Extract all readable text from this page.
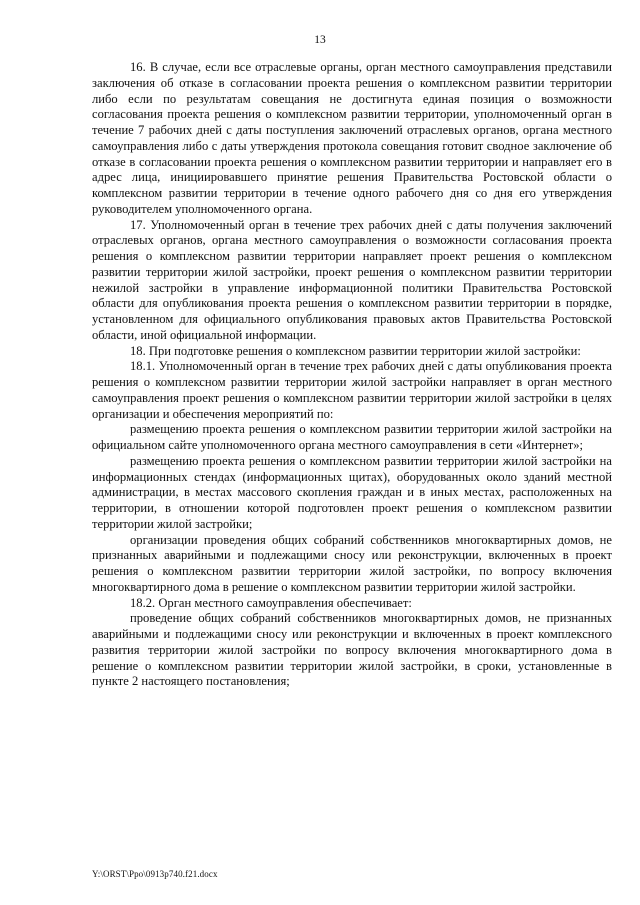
13

16. В случае, если все отраслевые органы, орган местного самоуправления представили заключения об отказе в согласовании проекта решения о комплексном развитии территории либо если по результатам совещания не достигнута единая позиция о возможности согласования проекта решения о комплексном развитии территории, уполномоченный орган в течение 7 рабочих дней с даты поступления заключений отраслевых органов, органа местного самоуправления либо с даты утверждения протокола совещания готовит сводное заключение об отказе в согласовании проекта решения о комплексном развитии территории и направляет его в адрес лица, инициировавшего принятие решения Правительства Ростовской области о комплексном развитии территории в течение одного рабочего дня со дня его утверждения руководителем уполномоченного органа.

17. Уполномоченный орган в течение трех рабочих дней с даты получения заключений отраслевых органов, органа местного самоуправления о возможности согласования проекта решения о комплексном развитии территории направляет проект решения о комплексном развитии территории жилой застройки, проект решения о комплексном развитии территории нежилой застройки в управление информационной политики Правительства Ростовской области для опубликования проекта решения о комплексном развитии территории в порядке, установленном для официального опубликования правовых актов Правительства Ростовской области, иной официальной информации.

18. При подготовке решения о комплексном развитии территории жилой застройки:

18.1. Уполномоченный орган в течение трех рабочих дней с даты опубликования проекта решения о комплексном развитии территории жилой застройки направляет в орган местного самоуправления проект решения о комплексном развитии территории жилой застройки в целях организации и обеспечения мероприятий по:

размещению проекта решения о комплексном развитии территории жилой застройки на официальном сайте уполномоченного органа местного самоуправления в сети «Интернет»;

размещению проекта решения о комплексном развитии территории жилой застройки на информационных стендах (информационных щитах), оборудованных около зданий местной администрации, в местах массового скопления граждан и в иных местах, расположенных на территории, в отношении которой подготовлен проект решения о комплексном развитии территории жилой застройки;

организации проведения общих собраний собственников многоквартирных домов, не признанных аварийными и подлежащими сносу или реконструкции, включенных в проект решения о комплексном развитии территории жилой застройки, по вопросу включения многоквартирного дома в решение о комплексном развитии территории жилой застройки.

18.2. Орган местного самоуправления обеспечивает:

проведение общих собраний собственников многоквартирных домов, не признанных аварийными и подлежащими сносу или реконструкции и включенных в проект комплексного развития территории жилой застройки по вопросу включения многоквартирного дома в решение о комплексном развитии территории жилой застройки, в сроки, установленные в пункте 2 настоящего постановления;

Y:\ORST\Ppo\0913p740.f21.docx
